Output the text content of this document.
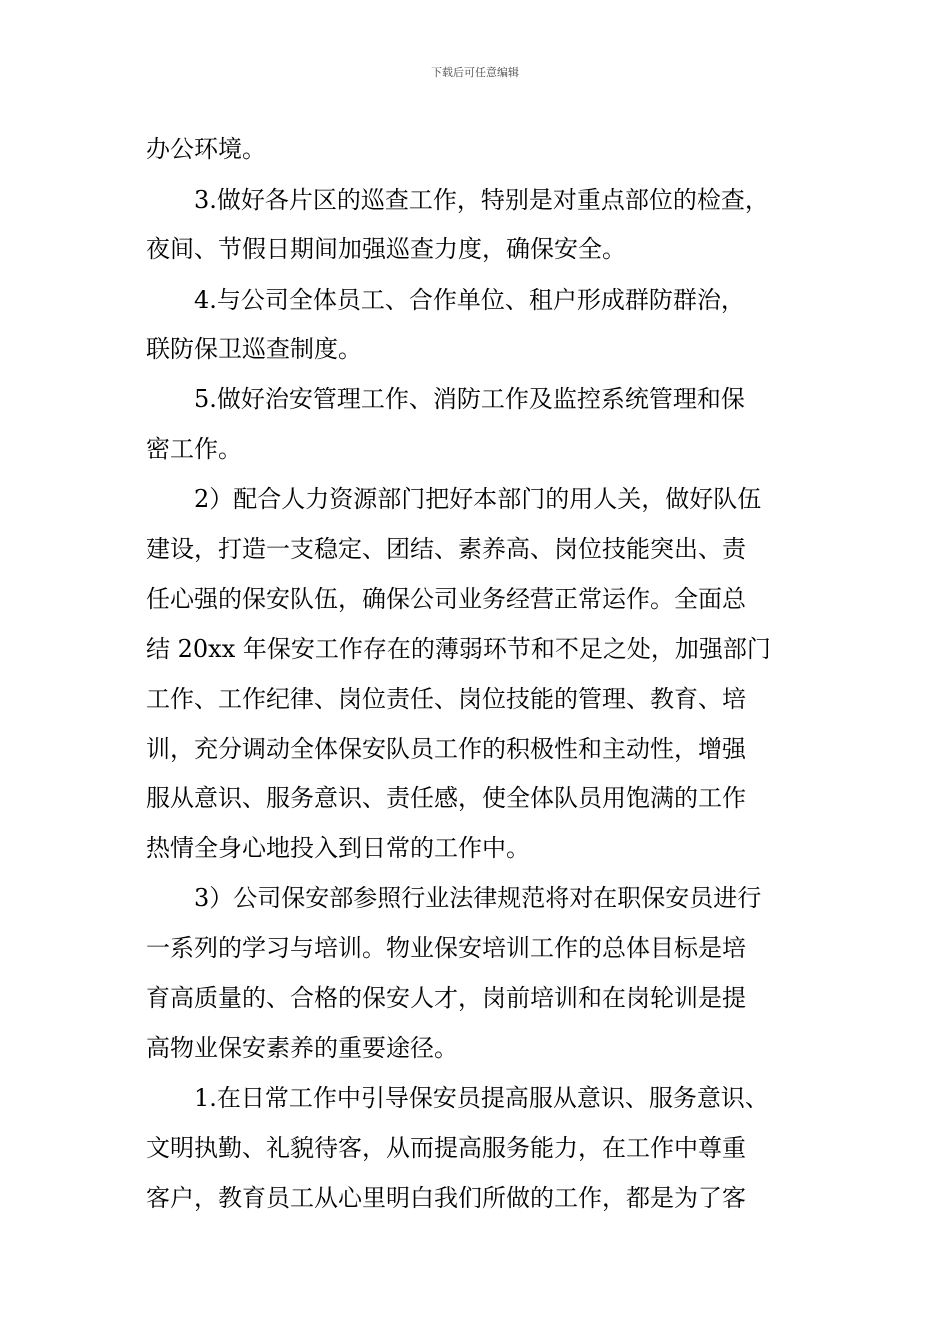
下载后可任意编辑
办公环境。
3.做好各片区的巡查工作，特别是对重点部位的检查，
夜间、节假日期间加强巡查力度，确保安全。
4.与公司全体员工、合作单位、租户形成群防群治，
联防保卫巡查制度。
5.做好治安管理工作、消防工作及监控系统管理和保
密工作。
2）配合人力资源部门把好本部门的用人关，做好队伍
建设，打造一支稳定、团结、素养高、岗位技能突出、责
任心强的保安队伍，确保公司业务经营正常运作。全面总
结 20xx 年保安工作存在的薄弱环节和不足之处，加强部门
工作、工作纪律、岗位责任、岗位技能的管理、教育、培
训，充分调动全体保安队员工作的积极性和主动性，增强
服从意识、服务意识、责任感，使全体队员用饱满的工作
热情全身心地投入到日常的工作中。
3）公司保安部参照行业法律规范将对在职保安员进行
一系列的学习与培训。物业保安培训工作的总体目标是培
育高质量的、合格的保安人才，岗前培训和在岗轮训是提
高物业保安素养的重要途径。
1.在日常工作中引导保安员提高服从意识、服务意识、
文明执勤、礼貌待客，从而提高服务能力，在工作中尊重
客户，教育员工从心里明白我们所做的工作，都是为了客
